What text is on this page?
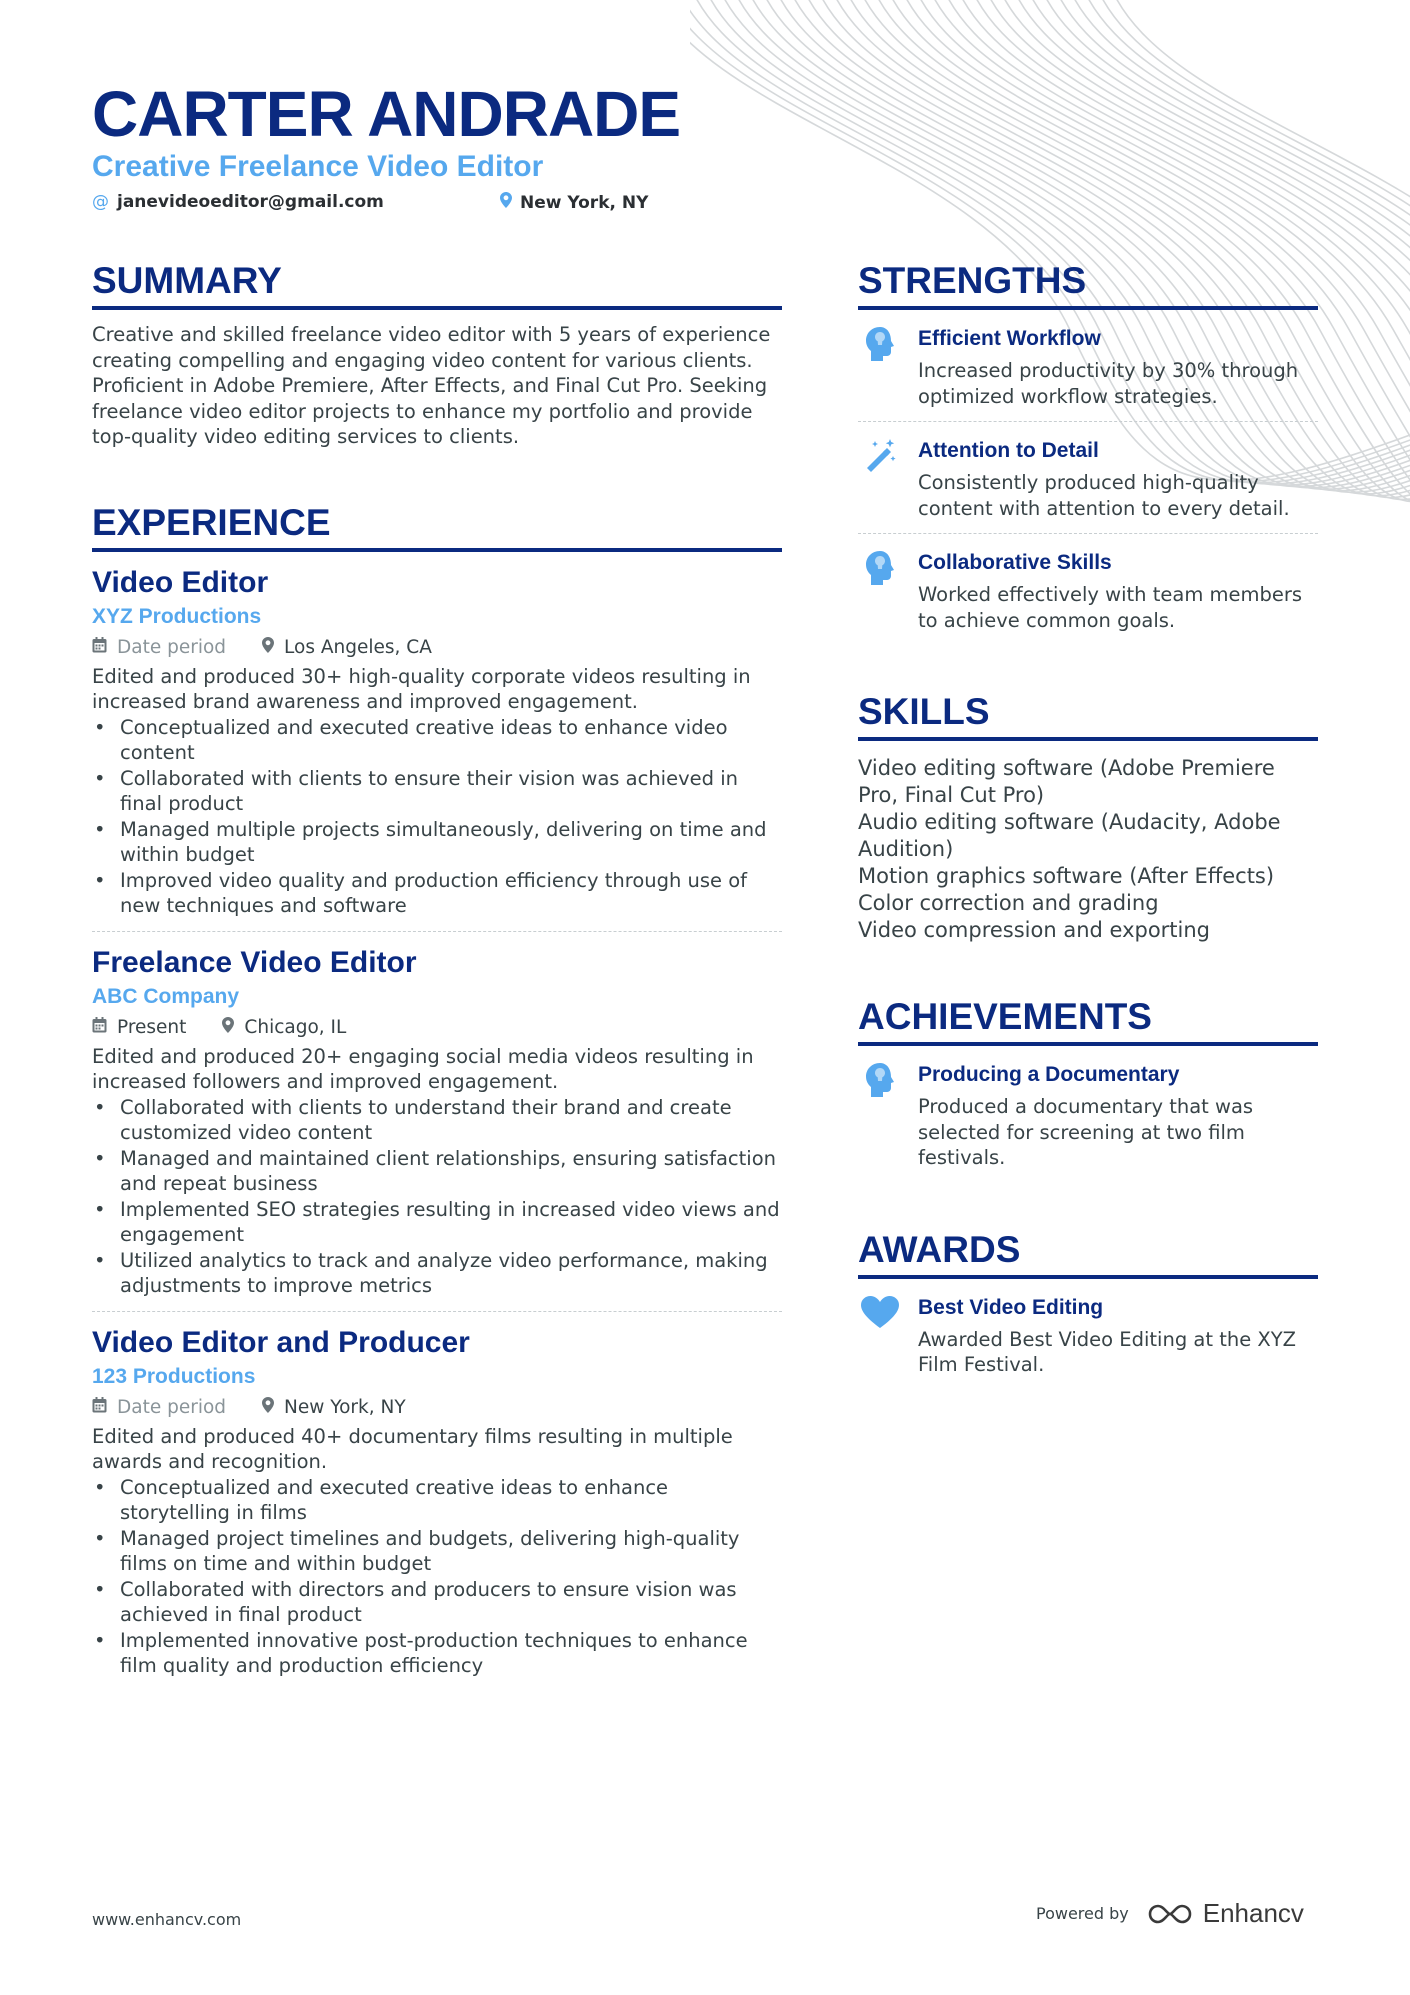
CARTER ANDRADE
Creative Freelance Video Editor
@ janevideoeditor@gmail.com	New York, NY
SUMMARY

Creative and skilled freelance video editor with 5 years of experience creating compelling and engaging video content for various clients. Proficient in Adobe Premiere, After Effects, and Final Cut Pro. Seeking freelance video editor projects to enhance my portfolio and provide top-quality video editing services to clients.

EXPERIENCE
Video Editor
XYZ Productions
Date period	Los Angeles, CA

Edited and produced 30+ high-quality corporate videos resulting in increased brand awareness and improved engagement.

• Conceptualized and executed creative ideas to enhance video content
• Collaborated with clients to ensure their vision was achieved in final product
• Managed multiple projects simultaneously, delivering on time and within budget
• Improved video quality and production efficiency through use of new techniques and software
Freelance Video Editor
ABC Company
Present	Chicago, IL

Edited and produced 20+ engaging social media videos resulting in increased followers and improved engagement.

• Collaborated with clients to understand their brand and create customized video content
• Managed and maintained client relationships, ensuring satisfaction and repeat business
• Implemented SEO strategies resulting in increased video views and engagement
• Utilized analytics to track and analyze video performance, making adjustments to improve metrics
Video Editor and Producer
123 Productions
Date period	New York, NY

Edited and produced 40+ documentary films resulting in multiple awards and recognition.

• Conceptualized and executed creative ideas to enhance storytelling in films
• Managed project timelines and budgets, delivering high-quality films on time and within budget
• Collaborated with directors and producers to ensure vision was achieved in final product
• Implemented innovative post-production techniques to enhance film quality and production efficiency
STRENGTHS
Efficient Workflow

Increased productivity by 30% through optimized workflow strategies.

Attention to Detail

Consistently produced high-quality content with attention to every detail.

Collaborative Skills

Worked effectively with team members to achieve common goals.

SKILLS
Video editing software (Adobe Premiere Pro, Final Cut Pro)
Audio editing software (Audacity, Adobe Audition)
Motion graphics software (After Effects)
Color correction and grading
Video compression and exporting
ACHIEVEMENTS
Producing a Documentary

Produced a documentary that was selected for screening at two film festivals.

AWARDS
Best Video Editing

Awarded Best Video Editing at the XYZ Film Festival.

www.enhancv.com	Powered by	Enhancv
